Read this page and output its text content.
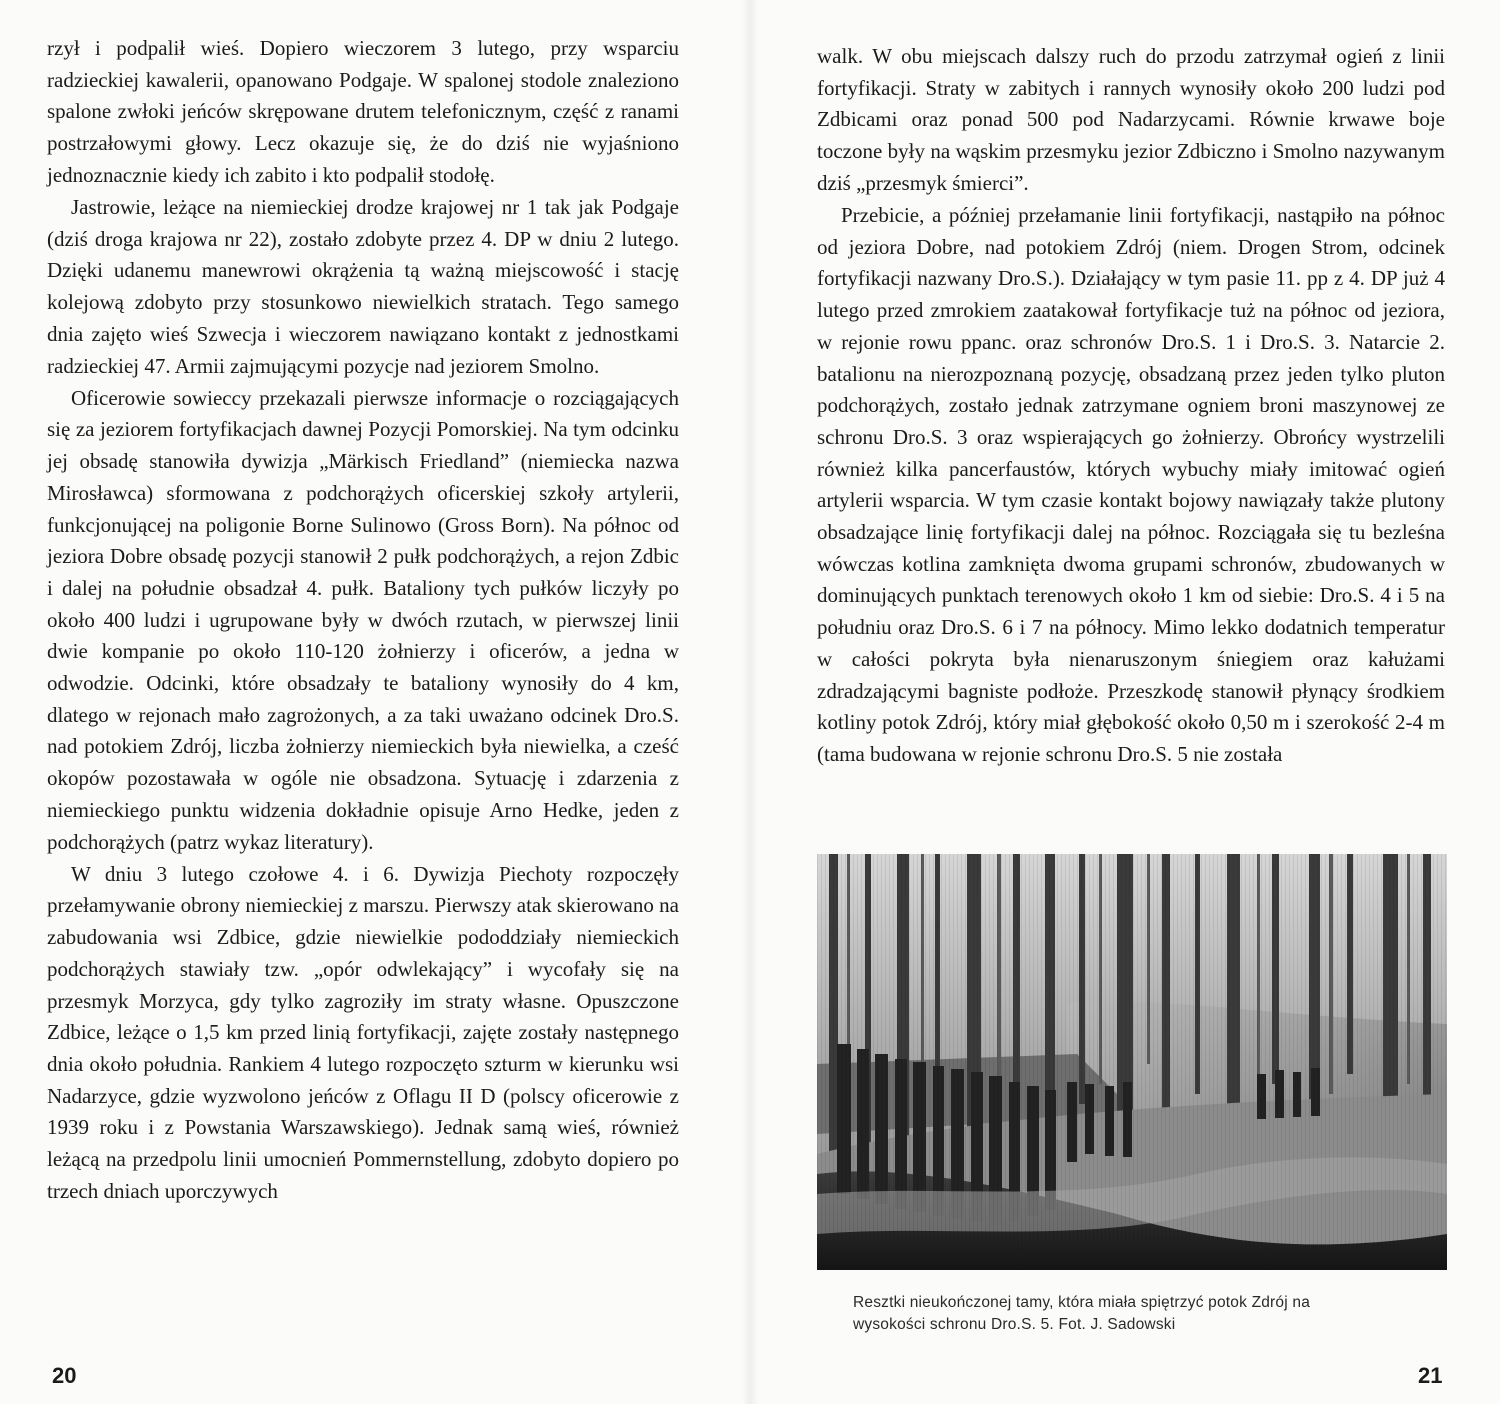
rzył i podpalił wieś. Dopiero wieczorem 3 lutego, przy wsparciu radzieckiej kawalerii, opanowano Podgaje. W spalonej stodole znaleziono spalone zwłoki jeńców skrępowane drutem telefonicznym, część z ranami postrzałowymi głowy. Lecz okazuje się, że do dziś nie wyjaśniono jednoznacznie kiedy ich zabito i kto podpalił stodołę.

Jastrowie, leżące na niemieckiej drodze krajowej nr 1 tak jak Podgaje (dziś droga krajowa nr 22), zostało zdobyte przez 4. DP w dniu 2 lutego. Dzięki udanemu manewrowi okrążenia tą ważną miejscowość i stację kolejową zdobyto przy stosunkowo niewielkich stratach. Tego samego dnia zajęto wieś Szwecja i wieczorem nawiązano kontakt z jednostkami radzieckiej 47. Armii zajmującymi pozycje nad jeziorem Smolno.

Oficerowie sowieccy przekazali pierwsze informacje o rozciągających się za jeziorem fortyfikacjach dawnej Pozycji Pomorskiej. Na tym odcinku jej obsadę stanowiła dywizja „Märkisch Friedland” (niemiecka nazwa Mirosławca) sformowana z podchorążych oficerskiej szkoły artylerii, funkcjonującej na poligonie Borne Sulinowo (Gross Born). Na północ od jeziora Dobre obsadę pozycji stanowił 2 pułk podchorążych, a rejon Zdbic i dalej na południe obsadzał 4. pułk. Bataliony tych pułków liczyły po około 400 ludzi i ugrupowane były w dwóch rzutach, w pierwszej linii dwie kompanie po około 110-120 żołnierzy i oficerów, a jedna w odwodzie. Odcinki, które obsadzały te bataliony wynosiły do 4 km, dlatego w rejonach mało zagrożonych, a za taki uważano odcinek Dro.S. nad potokiem Zdrój, liczba żołnierzy niemieckich była niewielka, a cześć okopów pozostawała w ogóle nie obsadzona. Sytuację i zdarzenia z niemieckiego punktu widzenia dokładnie opisuje Arno Hedke, jeden z podchorążych (patrz wykaz literatury).

W dniu 3 lutego czołowe 4. i 6. Dywizja Piechoty rozpoczęły przełamywanie obrony niemieckiej z marszu. Pierwszy atak skierowano na zabudowania wsi Zdbice, gdzie niewielkie pododdziały niemieckich podchorążych stawiały tzw. „opór odwlekający” i wycofały się na przesmyk Morzyca, gdy tylko zagroziły im straty własne. Opuszczone Zdbice, leżące o 1,5 km przed linią fortyfikacji, zajęte zostały następnego dnia około południa. Rankiem 4 lutego rozpoczęto szturm w kierunku wsi Nadarzyce, gdzie wyzwolono jeńców z Oflagu II D (polscy oficerowie z 1939 roku i z Powstania Warszawskiego). Jednak samą wieś, również leżącą na przedpolu linii umocnień Pommernstellung, zdobyto dopiero po trzech dniach uporczywych

20

walk. W obu miejscach dalszy ruch do przodu zatrzymał ogień z linii fortyfikacji. Straty w zabitych i rannych wynosiły około 200 ludzi pod Zdbicami oraz ponad 500 pod Nadarzycami. Równie krwawe boje toczone były na wąskim przesmyku jezior Zdbiczno i Smolno nazywanym dziś „przesmyk śmierci”.

Przebicie, a później przełamanie linii fortyfikacji, nastąpiło na północ od jeziora Dobre, nad potokiem Zdrój (niem. Drogen Strom, odcinek fortyfikacji nazwany Dro.S.). Działający w tym pasie 11. pp z 4. DP już 4 lutego przed zmrokiem zaatakował fortyfikacje tuż na północ od jeziora, w rejonie rowu ppanc. oraz schronów Dro.S. 1 i Dro.S. 3. Natarcie 2. batalionu na nierozpoznaną pozycję, obsadzaną przez jeden tylko pluton podchorążych, zostało jednak zatrzymane ogniem broni maszynowej ze schronu Dro.S. 3 oraz wspierających go żołnierzy. Obrońcy wystrzelili również kilka pancerfaustów, których wybuchy miały imitować ogień artylerii wsparcia. W tym czasie kontakt bojowy nawiązały także plutony obsadzające linię fortyfikacji dalej na północ. Rozciągała się tu bezleśna wówczas kotlina zamknięta dwoma grupami schronów, zbudowanych w dominujących punktach terenowych około 1 km od siebie: Dro.S. 4 i 5 na południu oraz Dro.S. 6 i 7 na północy. Mimo lekko dodatnich temperatur w całości pokryta była nienaruszonym śniegiem oraz kałużami zdradzającymi bagniste podłoże. Przeszkodę stanowił płynący środkiem kotliny potok Zdrój, który miał głębokość około 0,50 m i szerokość 2-4 m (tama budowana w rejonie schronu Dro.S. 5 nie została

Resztki nieukończonej tamy, która miała spiętrzyć potok Zdrój na
wysokości schronu Dro.S. 5. Fot. J. Sadowski
21
